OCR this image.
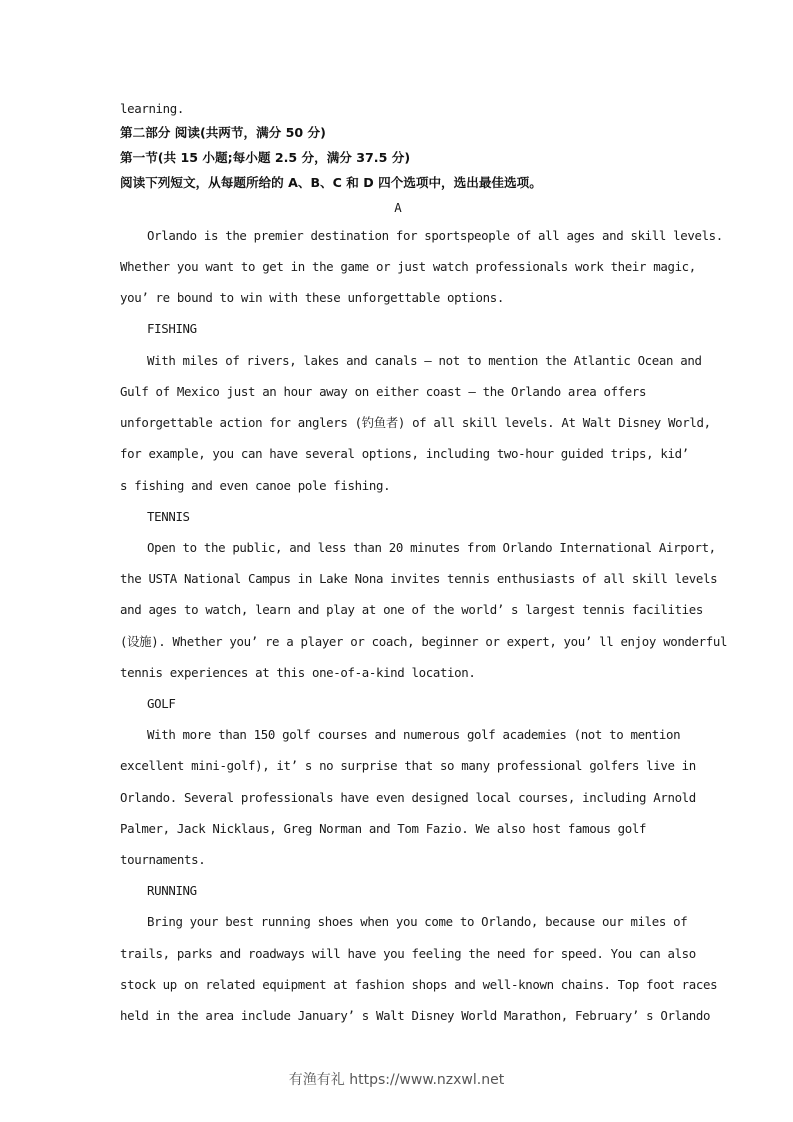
learning.
第二部分 阅读(共两节，满分 50 分)
第一节(共 15 小题;每小题 2.5 分，满分 37.5 分)
阅读下列短文，从每题所给的 A、B、C 和 D 四个选项中，选出最佳选项。
A
Orlando is the premier destination for sportspeople of all ages and skill levels.
Whether you want to get in the game or just watch professionals work their magic,
you’ re bound to win with these unforgettable options.
FISHING
With miles of rivers, lakes and canals — not to mention the Atlantic Ocean and
Gulf of Mexico just an hour away on either coast — the Orlando area offers
unforgettable action for anglers (钓鱼者) of all skill levels. At Walt Disney World,
for example, you can have several options, including two-hour guided trips, kid’
s fishing and even canoe pole fishing.
TENNIS
Open to the public, and less than 20 minutes from Orlando International Airport,
the USTA National Campus in Lake Nona invites tennis enthusiasts of all skill levels
and ages to watch, learn and play at one of the world’ s largest tennis facilities
(设施). Whether you’ re a player or coach, beginner or expert, you’ ll enjoy wonderful
tennis experiences at this one-of-a-kind location.
GOLF
With more than 150 golf courses and numerous golf academies (not to mention
excellent mini-golf), it’ s no surprise that so many professional golfers live in
Orlando. Several professionals have even designed local courses, including Arnold
Palmer, Jack Nicklaus, Greg Norman and Tom Fazio. We also host famous golf
tournaments.
RUNNING
Bring your best running shoes when you come to Orlando, because our miles of
trails, parks and roadways will have you feeling the need for speed. You can also
stock up on related equipment at fashion shops and well-known chains. Top foot races
held in the area include January’ s Walt Disney World Marathon, February’ s Orlando
有渔有礼 https://www.nzxwl.net
